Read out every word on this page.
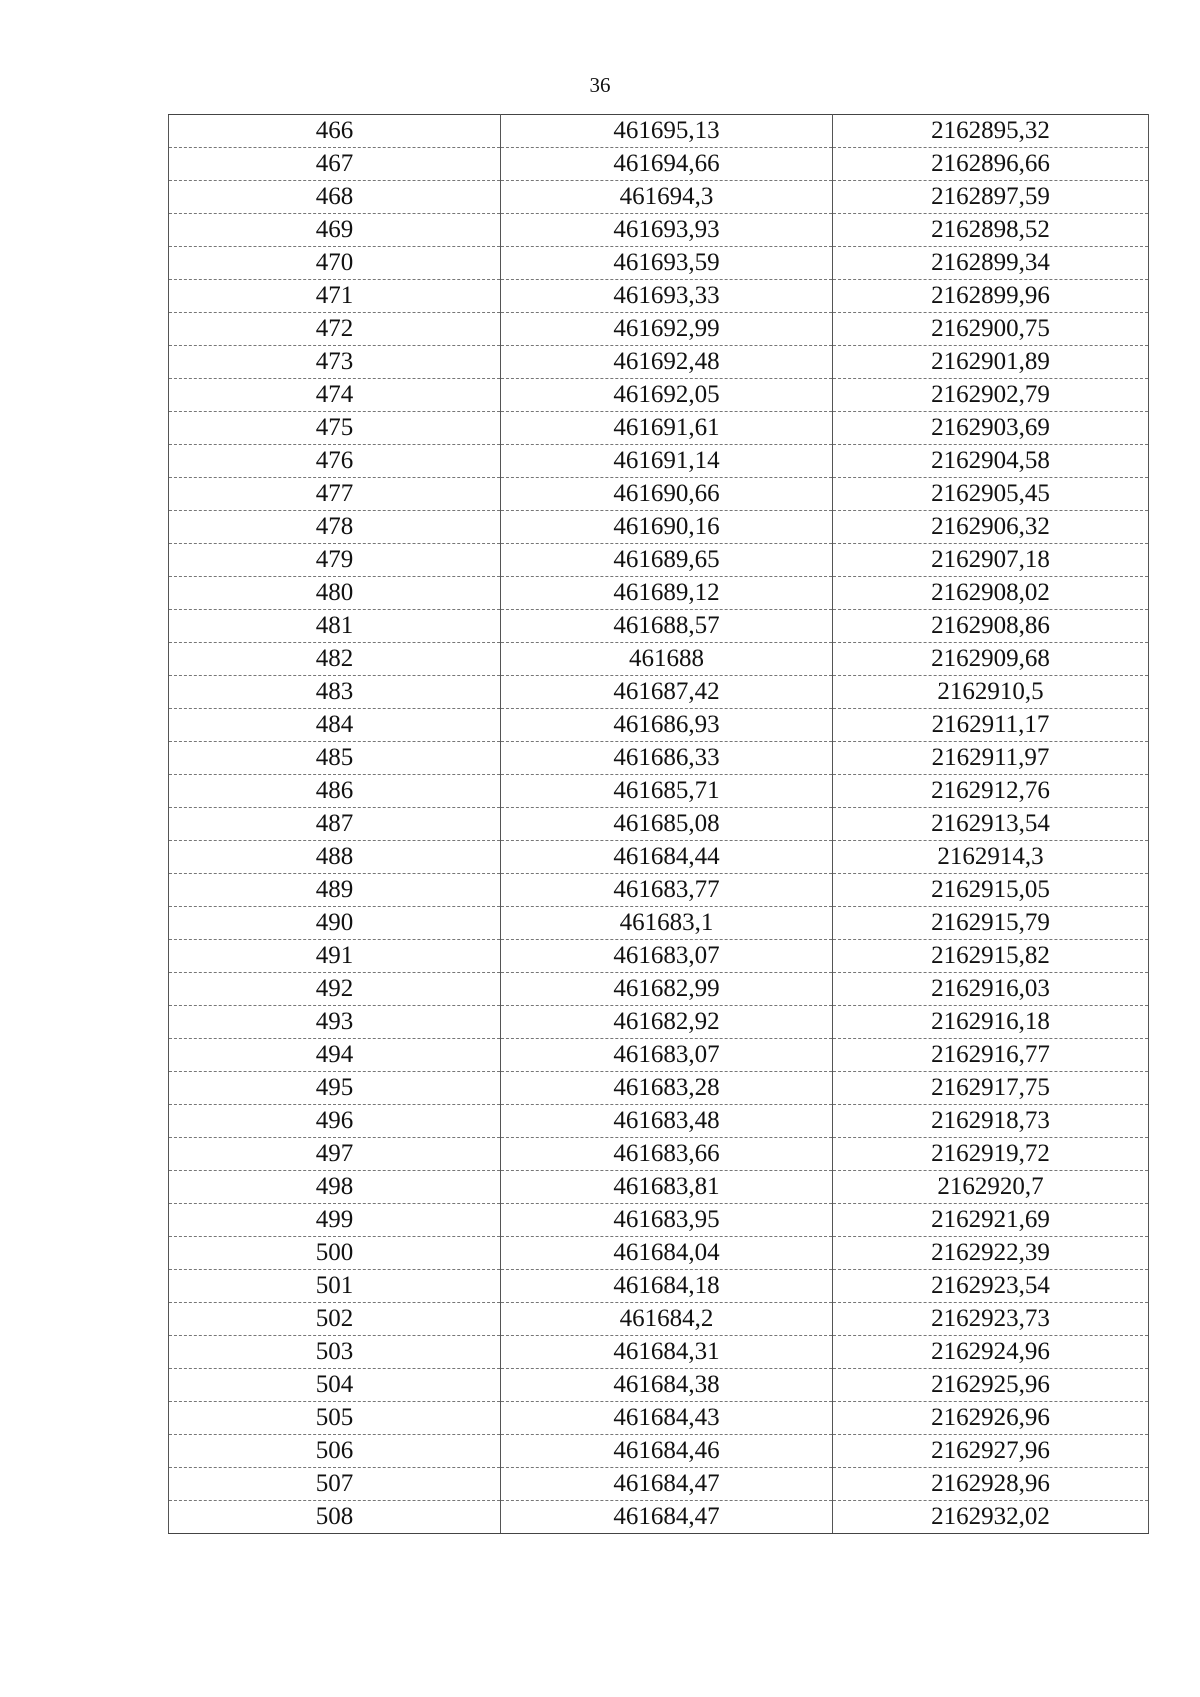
36
466	461695,13	2162895,32
467	461694,66	2162896,66
468	461694,3	2162897,59
469	461693,93	2162898,52
470	461693,59	2162899,34
471	461693,33	2162899,96
472	461692,99	2162900,75
473	461692,48	2162901,89
474	461692,05	2162902,79
475	461691,61	2162903,69
476	461691,14	2162904,58
477	461690,66	2162905,45
478	461690,16	2162906,32
479	461689,65	2162907,18
480	461689,12	2162908,02
481	461688,57	2162908,86
482	461688	2162909,68
483	461687,42	2162910,5
484	461686,93	2162911,17
485	461686,33	2162911,97
486	461685,71	2162912,76
487	461685,08	2162913,54
488	461684,44	2162914,3
489	461683,77	2162915,05
490	461683,1	2162915,79
491	461683,07	2162915,82
492	461682,99	2162916,03
493	461682,92	2162916,18
494	461683,07	2162916,77
495	461683,28	2162917,75
496	461683,48	2162918,73
497	461683,66	2162919,72
498	461683,81	2162920,7
499	461683,95	2162921,69
500	461684,04	2162922,39
501	461684,18	2162923,54
502	461684,2	2162923,73
503	461684,31	2162924,96
504	461684,38	2162925,96
505	461684,43	2162926,96
506	461684,46	2162927,96
507	461684,47	2162928,96
508	461684,47	2162932,02
